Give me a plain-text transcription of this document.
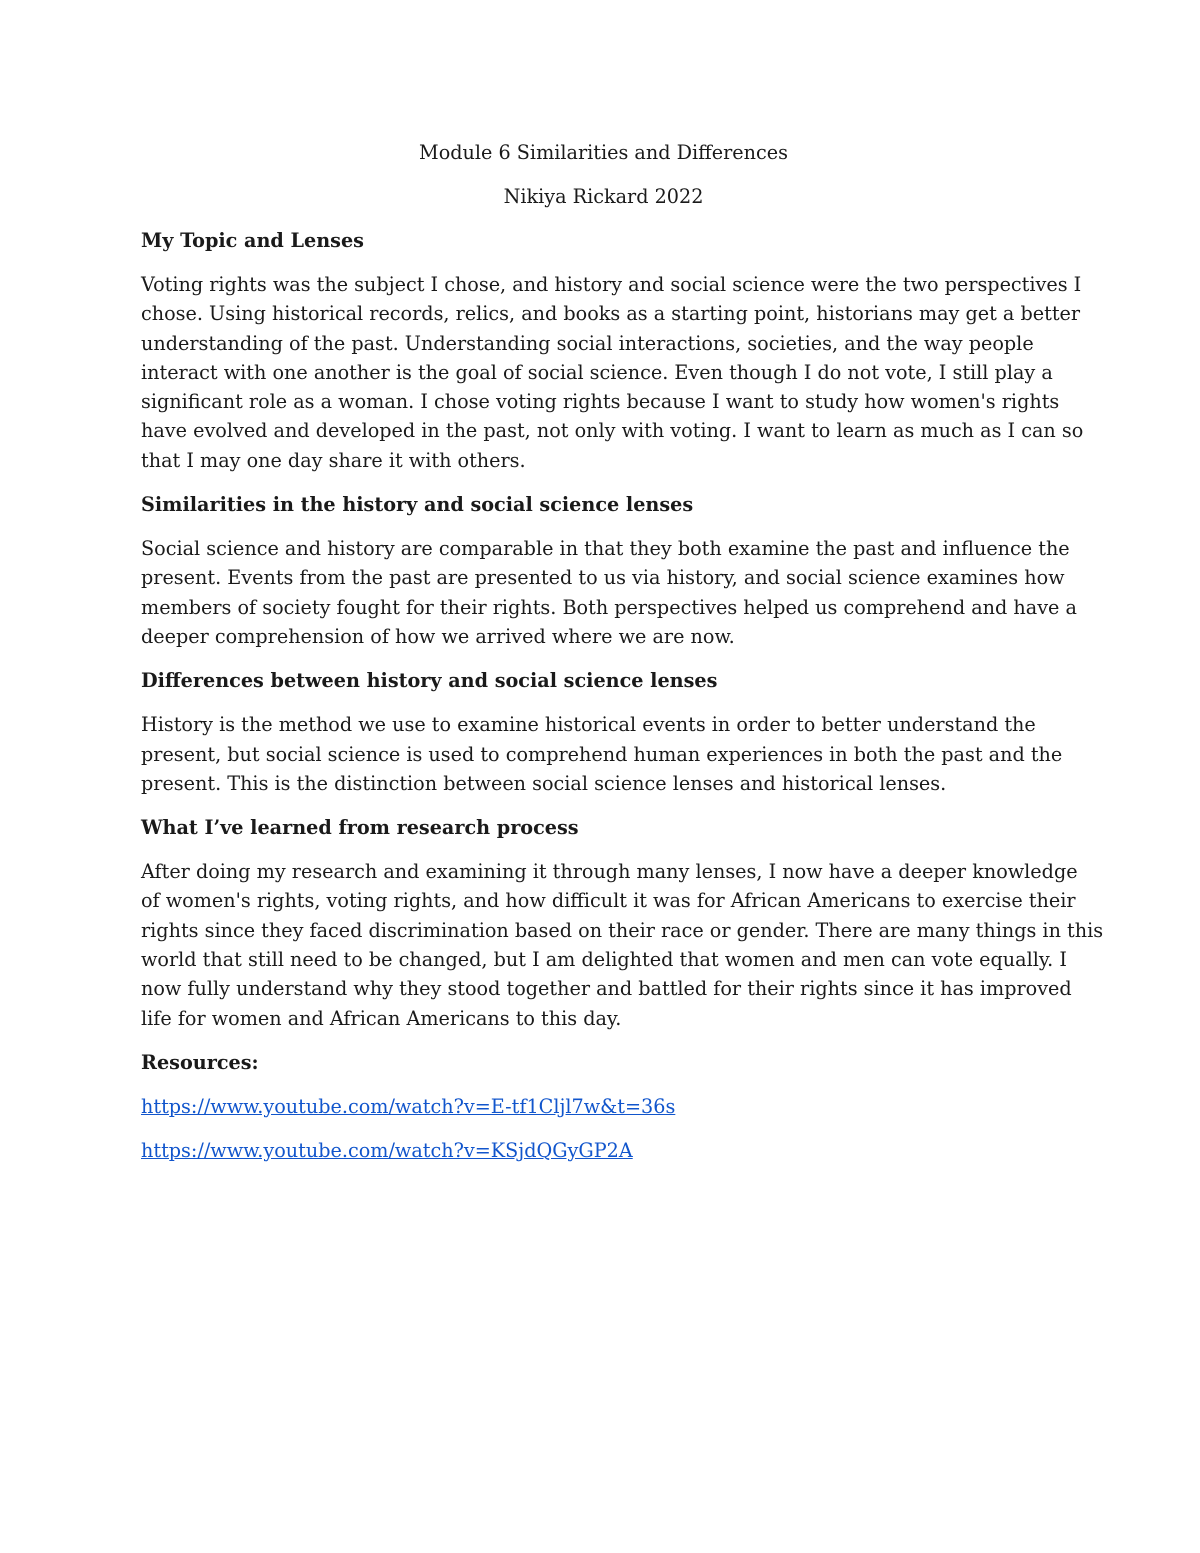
Module 6 Similarities and Differences
Nikiya Rickard 2022
My Topic and Lenses
Voting rights was the subject I chose, and history and social science were the two perspectives I
chose. Using historical records, relics, and books as a starting point, historians may get a better
understanding of the past. Understanding social interactions, societies, and the way people
interact with one another is the goal of social science. Even though I do not vote, I still play a
significant role as a woman. I chose voting rights because I want to study how women's rights
have evolved and developed in the past, not only with voting. I want to learn as much as I can so
that I may one day share it with others.
Similarities in the history and social science lenses
Social science and history are comparable in that they both examine the past and influence the
present. Events from the past are presented to us via history, and social science examines how
members of society fought for their rights. Both perspectives helped us comprehend and have a
deeper comprehension of how we arrived where we are now.
Differences between history and social science lenses
History is the method we use to examine historical events in order to better understand the
present, but social science is used to comprehend human experiences in both the past and the
present. This is the distinction between social science lenses and historical lenses.
What I’ve learned from research process
After doing my research and examining it through many lenses, I now have a deeper knowledge
of women's rights, voting rights, and how difficult it was for African Americans to exercise their
rights since they faced discrimination based on their race or gender. There are many things in this
world that still need to be changed, but I am delighted that women and men can vote equally. I
now fully understand why they stood together and battled for their rights since it has improved
life for women and African Americans to this day.
Resources:
https://www.youtube.com/watch?v=E-tf1Cljl7w&t=36s
https://www.youtube.com/watch?v=KSjdQGyGP2A
